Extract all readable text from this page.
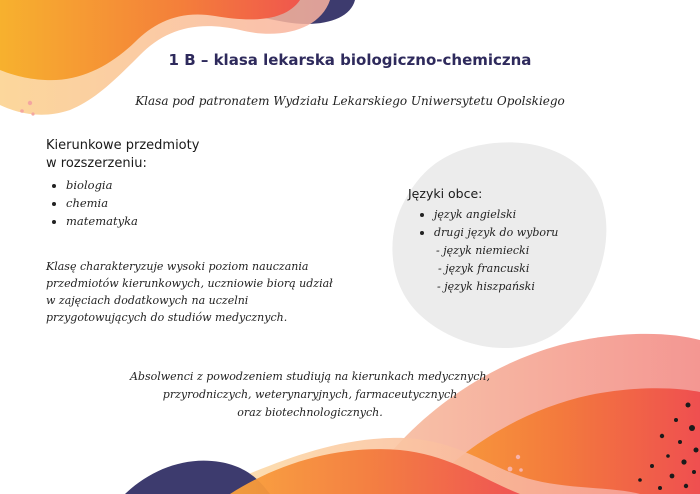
1 B – klasa lekarska biologiczno-chemiczna

Klasa pod patronatem Wydziału Lekarskiego Uniwersytetu Opolskiego

Kierunkowe przedmioty
w rozszerzeniu:
biologia
chemia
matematyka
Klasę charakteryzuje wysoki poziom nauczania
przedmiotów kierunkowych, uczniowie biorą udział
w zajęciach dodatkowych na uczelni
przygotowujących do studiów medycznych.
Języki obce:
język angielski
drugi język do wyboru
- język niemiecki
- język francuski
- język hiszpański
Absolwenci z powodzeniem studiują na kierunkach medycznych,
przyrodniczych, weterynaryjnych, farmaceutycznych
oraz biotechnologicznych.
